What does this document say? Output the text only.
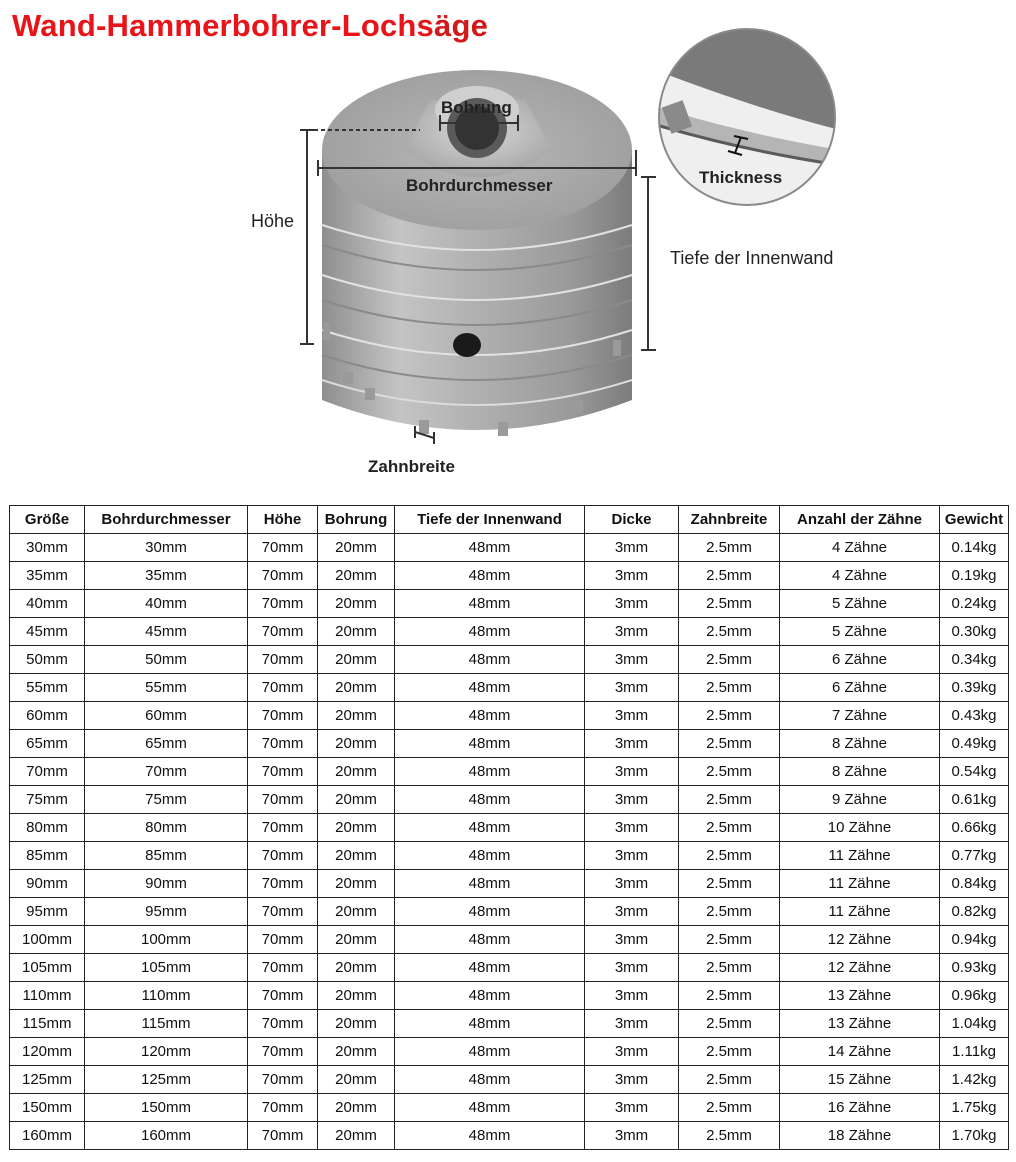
Wand-Hammerbohrer-Lochsäge
Bohrung
Bohrdurchmesser
Höhe
Tiefe der Innenwand
Thickness
Zahnbreite
Größe	Bohrdurchmesser	Höhe	Bohrung	Tiefe der Innenwand	Dicke	Zahnbreite	Anzahl der Zähne	Gewicht
30mm	30mm	70mm	20mm	48mm	3mm	2.5mm	4 Zähne	0.14kg
35mm	35mm	70mm	20mm	48mm	3mm	2.5mm	4 Zähne	0.19kg
40mm	40mm	70mm	20mm	48mm	3mm	2.5mm	5 Zähne	0.24kg
45mm	45mm	70mm	20mm	48mm	3mm	2.5mm	5 Zähne	0.30kg
50mm	50mm	70mm	20mm	48mm	3mm	2.5mm	6 Zähne	0.34kg
55mm	55mm	70mm	20mm	48mm	3mm	2.5mm	6 Zähne	0.39kg
60mm	60mm	70mm	20mm	48mm	3mm	2.5mm	7 Zähne	0.43kg
65mm	65mm	70mm	20mm	48mm	3mm	2.5mm	8 Zähne	0.49kg
70mm	70mm	70mm	20mm	48mm	3mm	2.5mm	8 Zähne	0.54kg
75mm	75mm	70mm	20mm	48mm	3mm	2.5mm	9 Zähne	0.61kg
80mm	80mm	70mm	20mm	48mm	3mm	2.5mm	10 Zähne	0.66kg
85mm	85mm	70mm	20mm	48mm	3mm	2.5mm	11 Zähne	0.77kg
90mm	90mm	70mm	20mm	48mm	3mm	2.5mm	11 Zähne	0.84kg
95mm	95mm	70mm	20mm	48mm	3mm	2.5mm	11 Zähne	0.82kg
100mm	100mm	70mm	20mm	48mm	3mm	2.5mm	12 Zähne	0.94kg
105mm	105mm	70mm	20mm	48mm	3mm	2.5mm	12 Zähne	0.93kg
110mm	110mm	70mm	20mm	48mm	3mm	2.5mm	13 Zähne	0.96kg
115mm	115mm	70mm	20mm	48mm	3mm	2.5mm	13 Zähne	1.04kg
120mm	120mm	70mm	20mm	48mm	3mm	2.5mm	14 Zähne	1.11kg
125mm	125mm	70mm	20mm	48mm	3mm	2.5mm	15 Zähne	1.42kg
150mm	150mm	70mm	20mm	48mm	3mm	2.5mm	16 Zähne	1.75kg
160mm	160mm	70mm	20mm	48mm	3mm	2.5mm	18 Zähne	1.70kg
